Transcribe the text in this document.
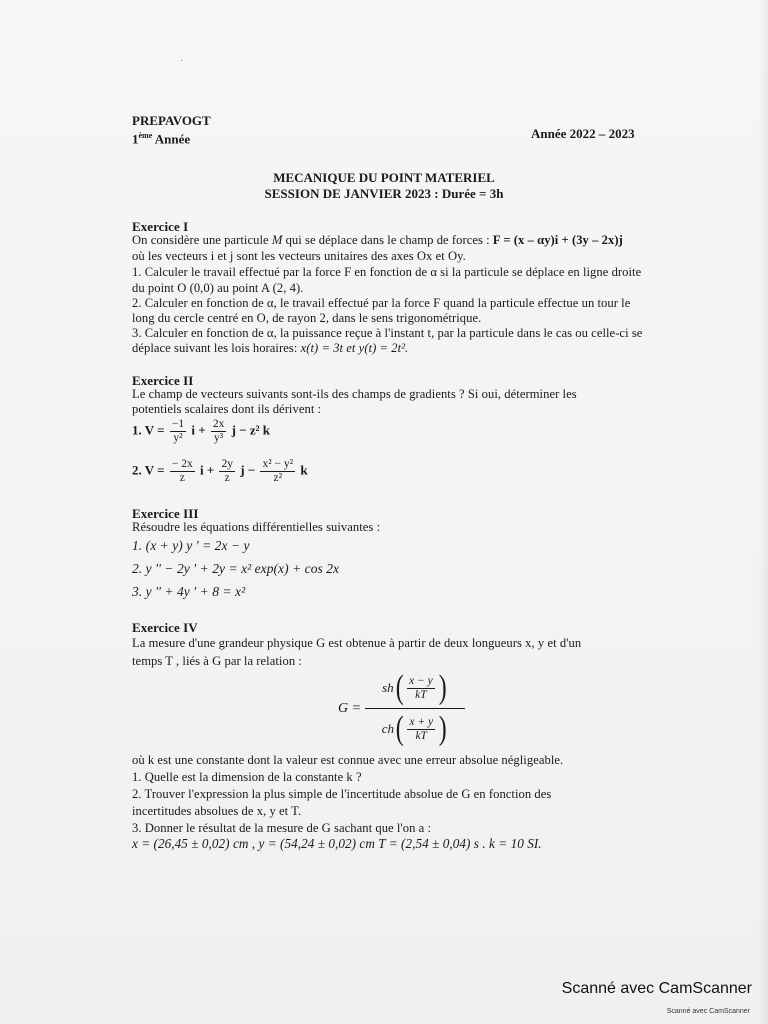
·
PREPAVOGT
1ème Année	Année 2022 – 2023
MECANIQUE DU POINT MATERIEL
SESSION DE JANVIER 2023 : Durée = 3h
Exercice I
On considère une particule M qui se déplace dans le champ de forces : F = (x – αy)i + (3y – 2x)j
où les vecteurs i et j sont les vecteurs unitaires des axes Ox et Oy.
1. Calculer le travail effectué par la force F en fonction de α si la particule se déplace en ligne droite
du point O (0,0) au point A (2, 4).
2. Calculer en fonction de α, le travail effectué par la force F quand la particule effectue un tour le
long du cercle centré en O, de rayon 2, dans le sens trigonométrique.
3. Calculer en fonction de α, la puissance reçue à l'instant t, par la particule dans le cas ou celle-ci se
déplace suivant les lois horaires: x(t) = 3t et y(t) = 2t².
Exercice II
Le champ de vecteurs suivants sont-ils des champs de gradients ? Si oui, déterminer les
potentiels scalaires dont ils dérivent :
1. $V = \frac{-1}{\text{y²}}$ $i + \frac{2x}{\text{y³}}$ j − z² k
2. $V = \frac{- 2x}{z}$ $i + \frac{2y}{z}$ $j - \frac{\text{x² − y²}}{\text{z²}}$ k
Exercice III
Résoudre les équations différentielles suivantes :
1. (x + y) y ' = 2x − y
2. y '' − 2y ' + 2y = x² exp(x) + cos 2x
3. y '' + 4y ' + 8 = x²
Exercice IV
La mesure d'une grandeur physique G est obtenue à partir de deux longueurs x, y et d'un
temps T , liés à G par la relation :
G =
sh ( $\frac{x - y}{kT}$ )
ch ( $\frac{x + y}{kT}$ )
où k est une constante dont la valeur est connue avec une erreur absolue négligeable.
1. Quelle est la dimension de la constante k ?
2. Trouver l'expression la plus simple de l'incertitude absolue de G en fonction des
incertitudes absolues de x, y et T.
3. Donner le résultat de la mesure de G sachant que l'on a :
x = (26,45 ± 0,02) cm , y = (54,24 ± 0,02) cm T = (2,54 ± 0,04) s . k = 10 SI.
Scanné avec CamScanner
Scanné avec CamScanner
